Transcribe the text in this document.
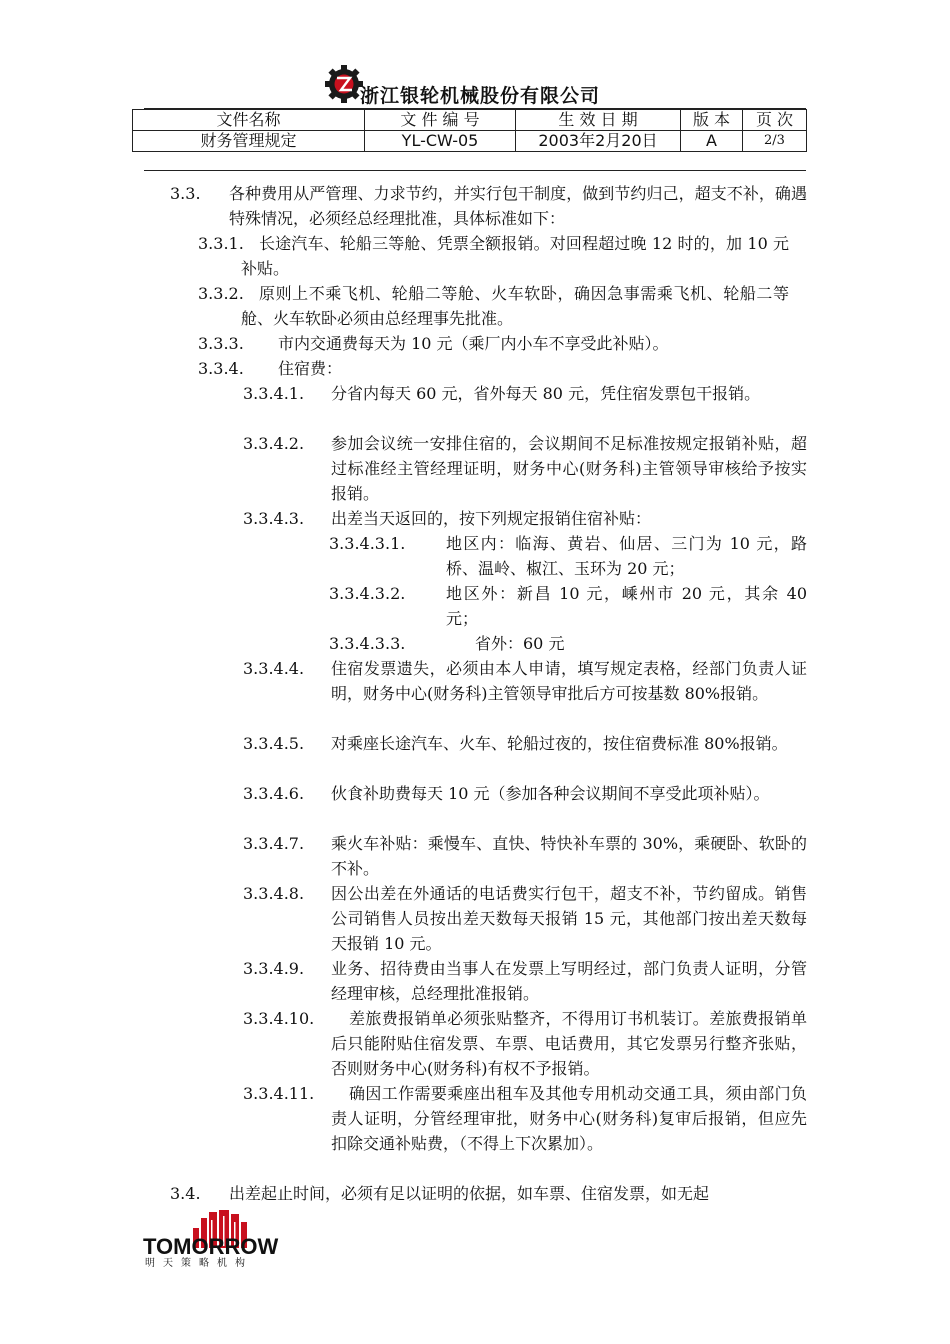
浙江银轮机械股份有限公司
文件名称	文 件 编 号	生 效 日 期	版 本	页 次
财务管理规定	YL-CW-05	2003年2月20日	A	2/3
3.3. 各种费用从严管理、力求节约，并实行包干制度，做到节约归己，超支不补，确遇特殊情况，必须经总经理批准，具体标准如下：
3.3.1. 长途汽车、轮船三等舱、凭票全额报销。对回程超过晚 12 时的，加 10 元补贴。
3.3.2. 原则上不乘飞机、轮船二等舱、火车软卧，确因急事需乘飞机、轮船二等舱、火车软卧必须由总经理事先批准。
3.3.3. 市内交通费每天为 10 元（乘厂内小车不享受此补贴）。
3.3.4. 住宿费：
3.3.4.1. 分省内每天 60 元，省外每天 80 元，凭住宿发票包干报销。
3.3.4.2. 参加会议统一安排住宿的，会议期间不足标准按规定报销补贴，超过标准经主管经理证明，财务中心(财务科)主管领导审核给予按实报销。
3.3.4.3. 出差当天返回的，按下列规定报销住宿补贴：
3.3.4.3.1.	地区内：临海、黄岩、仙居、三门为 10 元，路桥、温岭、椒江、玉环为 20 元；
3.3.4.3.2.	地区外：新昌 10 元，嵊州市 20 元，其余 40 元；
3.3.4.3.3.	省外：60 元
3.3.4.4. 住宿发票遗失，必须由本人申请，填写规定表格，经部门负责人证明，财务中心(财务科)主管领导审批后方可按基数 80%报销。
3.3.4.5. 对乘座长途汽车、火车、轮船过夜的，按住宿费标准 80%报销。
3.3.4.6. 伙食补助费每天 10 元（参加各种会议期间不享受此项补贴）。
3.3.4.7. 乘火车补贴：乘慢车、直快、特快补车票的 30%，乘硬卧、软卧的不补。
3.3.4.8. 因公出差在外通话的电话费实行包干，超支不补，节约留成。销售公司销售人员按出差天数每天报销 15 元，其他部门按出差天数每天报销 10 元。
3.3.4.9. 业务、招待费由当事人在发票上写明经过，部门负责人证明，分管经理审核，总经理批准报销。
3.3.4.10.	差旅费报销单必须张贴整齐，不得用订书机装订。差旅费报销单后只能附贴住宿发票、车票、电话费用，其它发票另行整齐张贴，否则财务中心(财务科)有权不予报销。
3.3.4.11.	确因工作需要乘座出租车及其他专用机动交通工具，须由部门负责人证明，分管经理审批，财务中心(财务科)复审后报销，但应先扣除交通补贴费，（不得上下次累加）。
3.4. 出差起止时间，必须有足以证明的依据，如车票、住宿发票，如无起
TOMORROW
明天策略机构
